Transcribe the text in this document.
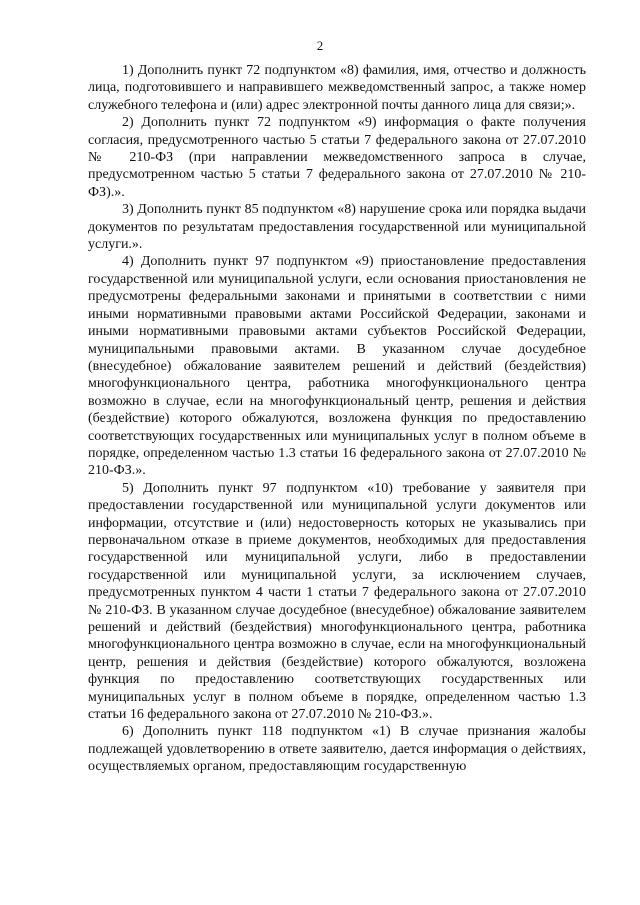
2

1) Дополнить пункт 72 подпунктом «8) фамилия, имя, отчество и должность лица, подготовившего и направившего межведомственный запрос, а также номер служебного телефона и (или) адрес электронной почты данного лица для связи;».

2) Дополнить пункт 72 подпунктом «9) информация о факте получения согласия, предусмотренного частью 5 статьи 7 федерального закона от 27.07.2010 № 210-ФЗ (при направлении межведомственного запроса в случае, предусмотренном частью 5 статьи 7 федерального закона от 27.07.2010 № 210-ФЗ).».

3) Дополнить пункт 85 подпунктом «8) нарушение срока или порядка выдачи документов по результатам предоставления государственной или муниципальной услуги.».

4) Дополнить пункт 97 подпунктом «9) приостановление предоставления государственной или муниципальной услуги, если основания приостановления не предусмотрены федеральными законами и принятыми в соответствии с ними иными нормативными правовыми актами Российской Федерации, законами и иными нормативными правовыми актами субъектов Российской Федерации, муниципальными правовыми актами. В указанном случае досудебное (внесудебное) обжалование заявителем решений и действий (бездействия) многофункционального центра, работника многофункционального центра возможно в случае, если на многофункциональный центр, решения и действия (бездействие) которого обжалуются, возложена функция по предоставлению соответствующих государственных или муниципальных услуг в полном объеме в порядке, определенном частью 1.3 статьи 16 федерального закона от 27.07.2010 № 210-ФЗ.».

5) Дополнить пункт 97 подпунктом «10) требование у заявителя при предоставлении государственной или муниципальной услуги документов или информации, отсутствие и (или) недостоверность которых не указывались при первоначальном отказе в приеме документов, необходимых для предоставления государственной или муниципальной услуги, либо в предоставлении государственной или муниципальной услуги, за исключением случаев, предусмотренных пунктом 4 части 1 статьи 7 федерального закона от 27.07.2010 № 210-ФЗ. В указанном случае досудебное (внесудебное) обжалование заявителем решений и действий (бездействия) многофункционального центра, работника многофункционального центра возможно в случае, если на многофункциональный центр, решения и действия (бездействие) которого обжалуются, возложена функция по предоставлению соответствующих государственных или муниципальных услуг в полном объеме в порядке, определенном частью 1.3 статьи 16 федерального закона от 27.07.2010 № 210-ФЗ.».

6) Дополнить пункт 118 подпунктом «1) В случае признания жалобы подлежащей удовлетворению в ответе заявителю, дается информация о действиях, осуществляемых органом, предоставляющим государственную
